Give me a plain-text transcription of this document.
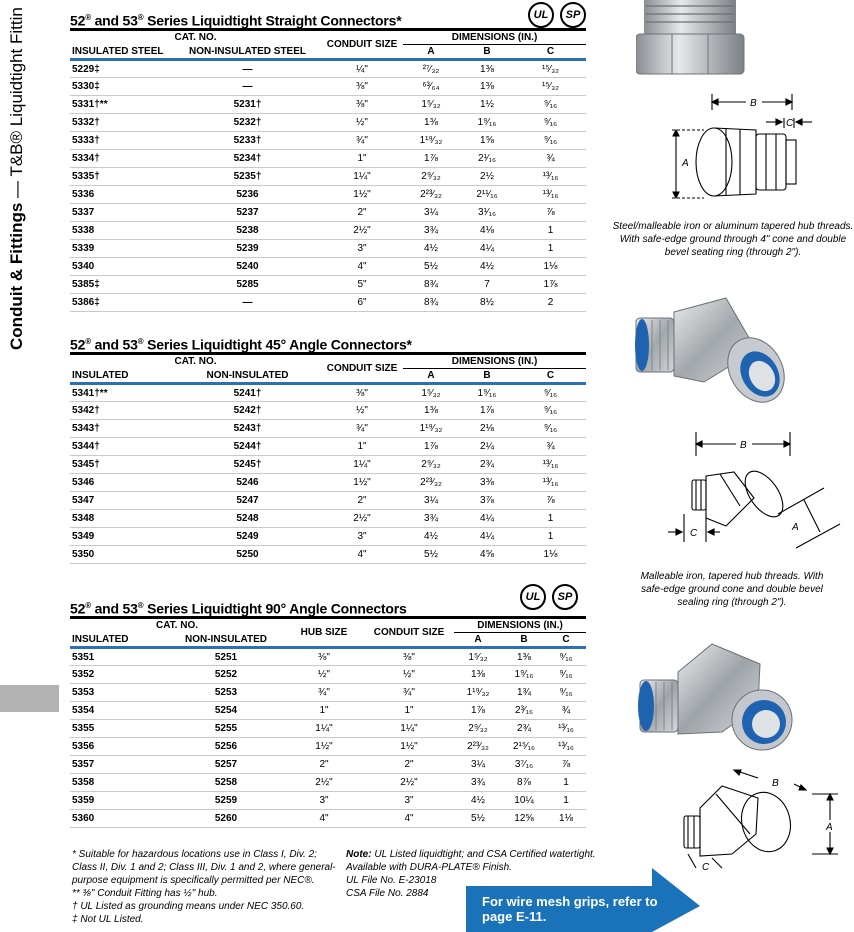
Conduit & Fittings — T&B® Liquidtight Fittin	UL	SP
52® and 53® Series Liquidtight Straight Connectors*
CAT. NO.		CONDUIT SIZE	DIMENSIONS (IN.)		
INSULATED STEEL	NON-INSULATED STEEL		A	B	C
5229‡	—	¼"	²⁷⁄₃₂	1⅜	¹⁵⁄₃₂
5330‡	—	⅜"	⁶³⁄₆₄	1⅜	¹⁵⁄₃₂
5331†**	5231†	⅜"	1⁵⁄₃₂	1½	⁹⁄₁₆
5332†	5232†	½"	1⅜	1⁹⁄₁₆	⁹⁄₁₆
5333†	5233†	¾"	1¹⁹⁄₃₂	1⅝	⁹⁄₁₆
5334†	5234†	1"	1⅞	2¹⁄₁₆	¾
5335†	5235†	1¼"	2⁹⁄₃₂	2½	¹³⁄₁₆
5336	5236	1½"	2²³⁄₃₂	2¹¹⁄₁₆	¹³⁄₁₆
5337	5237	2"	3¼	3¹⁄₁₆	⅞
5338	5238	2½"	3¾	4⅛	1
5339	5239	3"	4½	4¼	1
5340	5240	4"	5½	4½	1⅛
5385‡	5285	5"	8¾	7	1⅞
5386‡	—	6"	8¾	8½	2
52® and 53® Series Liquidtight 45° Angle Connectors*
CAT. NO.		CONDUIT SIZE	DIMENSIONS (IN.)		
INSULATED	NON-INSULATED		A	B	C
5341†**	5241†	⅜"	1⁵⁄₃₂	1⁹⁄₁₆	⁹⁄₁₆
5342†	5242†	½"	1⅜	1⅞	⁹⁄₁₆
5343†	5243†	¾"	1¹⁹⁄₃₂	2⅛	⁹⁄₁₆
5344†	5244†	1"	1⅞	2¼	¾
5345†	5245†	1¼"	2⁹⁄₃₂	2¾	¹³⁄₁₆
5346	5246	1½"	2²³⁄₃₂	3⅜	¹³⁄₁₆
5347	5247	2"	3¼	3⅞	⅞
5348	5248	2½"	3¾	4¼	1
5349	5249	3"	4½	4¼	1
5350	5250	4"	5½	4⅝	1⅛
UL	SP
52® and 53® Series Liquidtight 90° Angle Connectors
CAT. NO.		HUB SIZE	CONDUIT SIZE	DIMENSIONS (IN.)		
INSULATED	NON-INSULATED			A	B	C
5351	5251	⅜"	⅜"	1⁵⁄₃₂	1⅜	⁹⁄₁₆
5352	5252	½"	½"	1⅜	1⁹⁄₁₆	⁹⁄₁₆
5353	5253	¾"	¾"	1¹⁹⁄₃₂	1¾	⁹⁄₁₆
5354	5254	1"	1"	1⅞	2³⁄₁₆	¾
5355	5255	1¼"	1¼"	2⁹⁄₃₂	2¾	¹³⁄₁₆
5356	5256	1½"	1½"	2²³⁄₃₂	2¹⁵⁄₁₆	¹³⁄₁₆
5357	5257	2"	2"	3¼	3⁷⁄₁₆	⅞
5358	5258	2½"	2½"	3¾	8⅞	1
5359	5259	3"	3"	4½	10¼	1
5360	5260	4"	4"	5½	12⅝	1⅛
* Suitable for hazardous locations use in Class I, Div. 2; Class II, Div. 1 and 2; Class III, Div. 1 and 2, where general-purpose equipment is specifically permitted per NEC®.
** ⅜" Conduit Fitting has ½" hub.
† UL Listed as grounding means under NEC 350.60.
‡ Not UL Listed.
Note: UL Listed liquidtight; and CSA Certified watertight.
Available with DURA-PLATE® Finish.
UL File No. E-23018
CSA File No. 2884
For wire mesh grips, refer to page E-11.
B
C
A
Steel/malleable iron or aluminum tapered hub threads. With safe-edge ground through 4" cone and double bevel seating ring (through 2").
B
C
A
Malleable iron, tapered hub threads. With safe-edge ground cone and double bevel sealing ring (through 2").
B
A
C
